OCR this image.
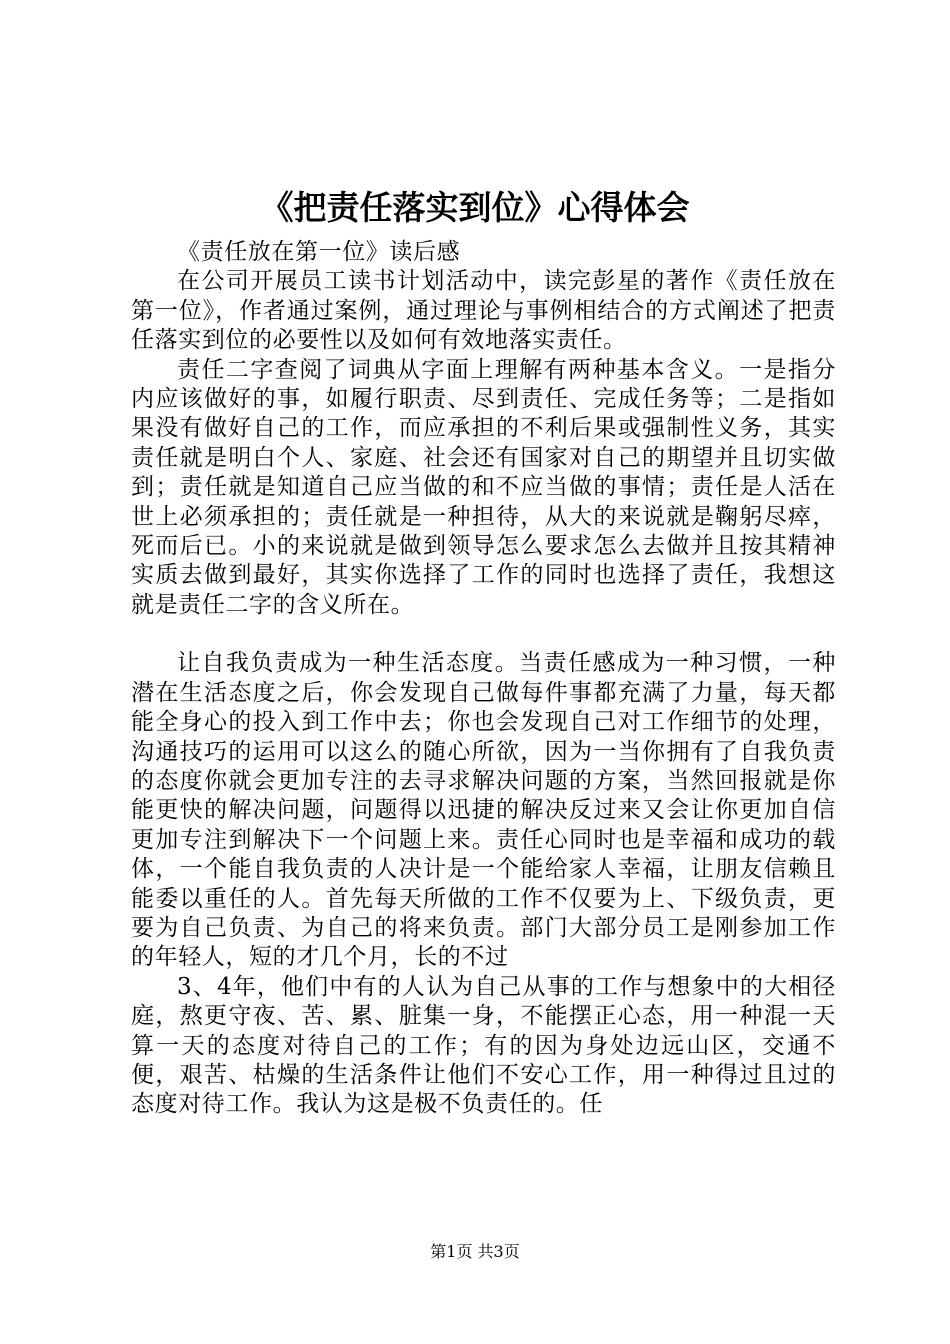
《把责任落实到位》心得体会

《责任放在第一位》读后感

在公司开展员工读书计划活动中，读完彭星的著作《责任放在第一位》，作者通过案例，通过理论与事例相结合的方式阐述了把责任落实到位的必要性以及如何有效地落实责任。

责任二字查阅了词典从字面上理解有两种基本含义。一是指分内应该做好的事，如履行职责、尽到责任、完成任务等；二是指如果没有做好自己的工作，而应承担的不利后果或强制性义务，其实责任就是明白个人、家庭、社会还有国家对自己的期望并且切实做到；责任就是知道自己应当做的和不应当做的事情；责任是人活在世上必须承担的；责任就是一种担待，从大的来说就是鞠躬尽瘁，死而后已。小的来说就是做到领导怎么要求怎么去做并且按其精神实质去做到最好，其实你选择了工作的同时也选择了责任，我想这就是责任二字的含义所在。

让自我负责成为一种生活态度。当责任感成为一种习惯，一种潜在生活态度之后，你会发现自己做每件事都充满了力量，每天都能全身心的投入到工作中去；你也会发现自己对工作细节的处理，沟通技巧的运用可以这么的随心所欲，因为一当你拥有了自我负责的态度你就会更加专注的去寻求解决问题的方案，当然回报就是你能更快的解决问题，问题得以迅捷的解决反过来又会让你更加自信更加专注到解决下一个问题上来。责任心同时也是幸福和成功的载体，一个能自我负责的人决计是一个能给家人幸福，让朋友信赖且能委以重任的人。首先每天所做的工作不仅要为上、下级负责，更要为自己负责、为自己的将来负责。部门大部分员工是刚参加工作的年轻人，短的才几个月，长的不过

3、4年，他们中有的人认为自己从事的工作与想象中的大相径庭，熬更守夜、苦、累、脏集一身，不能摆正心态，用一种混一天算一天的态度对待自己的工作；有的因为身处边远山区，交通不便，艰苦、枯燥的生活条件让他们不安心工作，用一种得过且过的态度对待工作。我认为这是极不负责任的。任

第1页 共3页
